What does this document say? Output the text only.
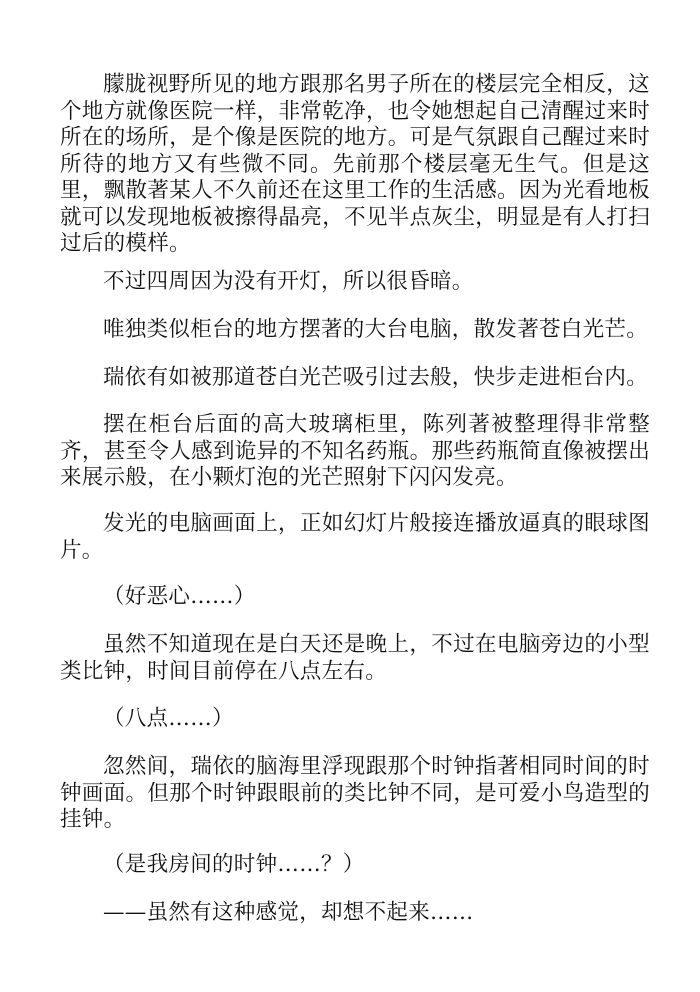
朦胧视野所见的地方跟那名男子所在的楼层完全相反，这个地方就像医院一样，非常乾净，也令她想起自己清醒过来时所在的场所，是个像是医院的地方。可是气氛跟自己醒过来时所待的地方又有些微不同。先前那个楼层毫无生气。但是这里，飘散著某人不久前还在这里工作的生活感。因为光看地板就可以发现地板被擦得晶亮，不见半点灰尘，明显是有人打扫过后的模样。

不过四周因为没有开灯，所以很昏暗。

唯独类似柜台的地方摆著的大台电脑，散发著苍白光芒。

瑞依有如被那道苍白光芒吸引过去般，快步走进柜台内。

摆在柜台后面的高大玻璃柜里，陈列著被整理得非常整齐，甚至令人感到诡异的不知名药瓶。那些药瓶简直像被摆出来展示般，在小颗灯泡的光芒照射下闪闪发亮。

发光的电脑画面上，正如幻灯片般接连播放逼真的眼球图片。

（好恶心……）

虽然不知道现在是白天还是晚上，不过在电脑旁边的小型类比钟，时间目前停在八点左右。

（八点……）

忽然间，瑞依的脑海里浮现跟那个时钟指著相同时间的时钟画面。但那个时钟跟眼前的类比钟不同，是可爱小鸟造型的挂钟。

（是我房间的时钟……？）

——虽然有这种感觉，却想不起来……
